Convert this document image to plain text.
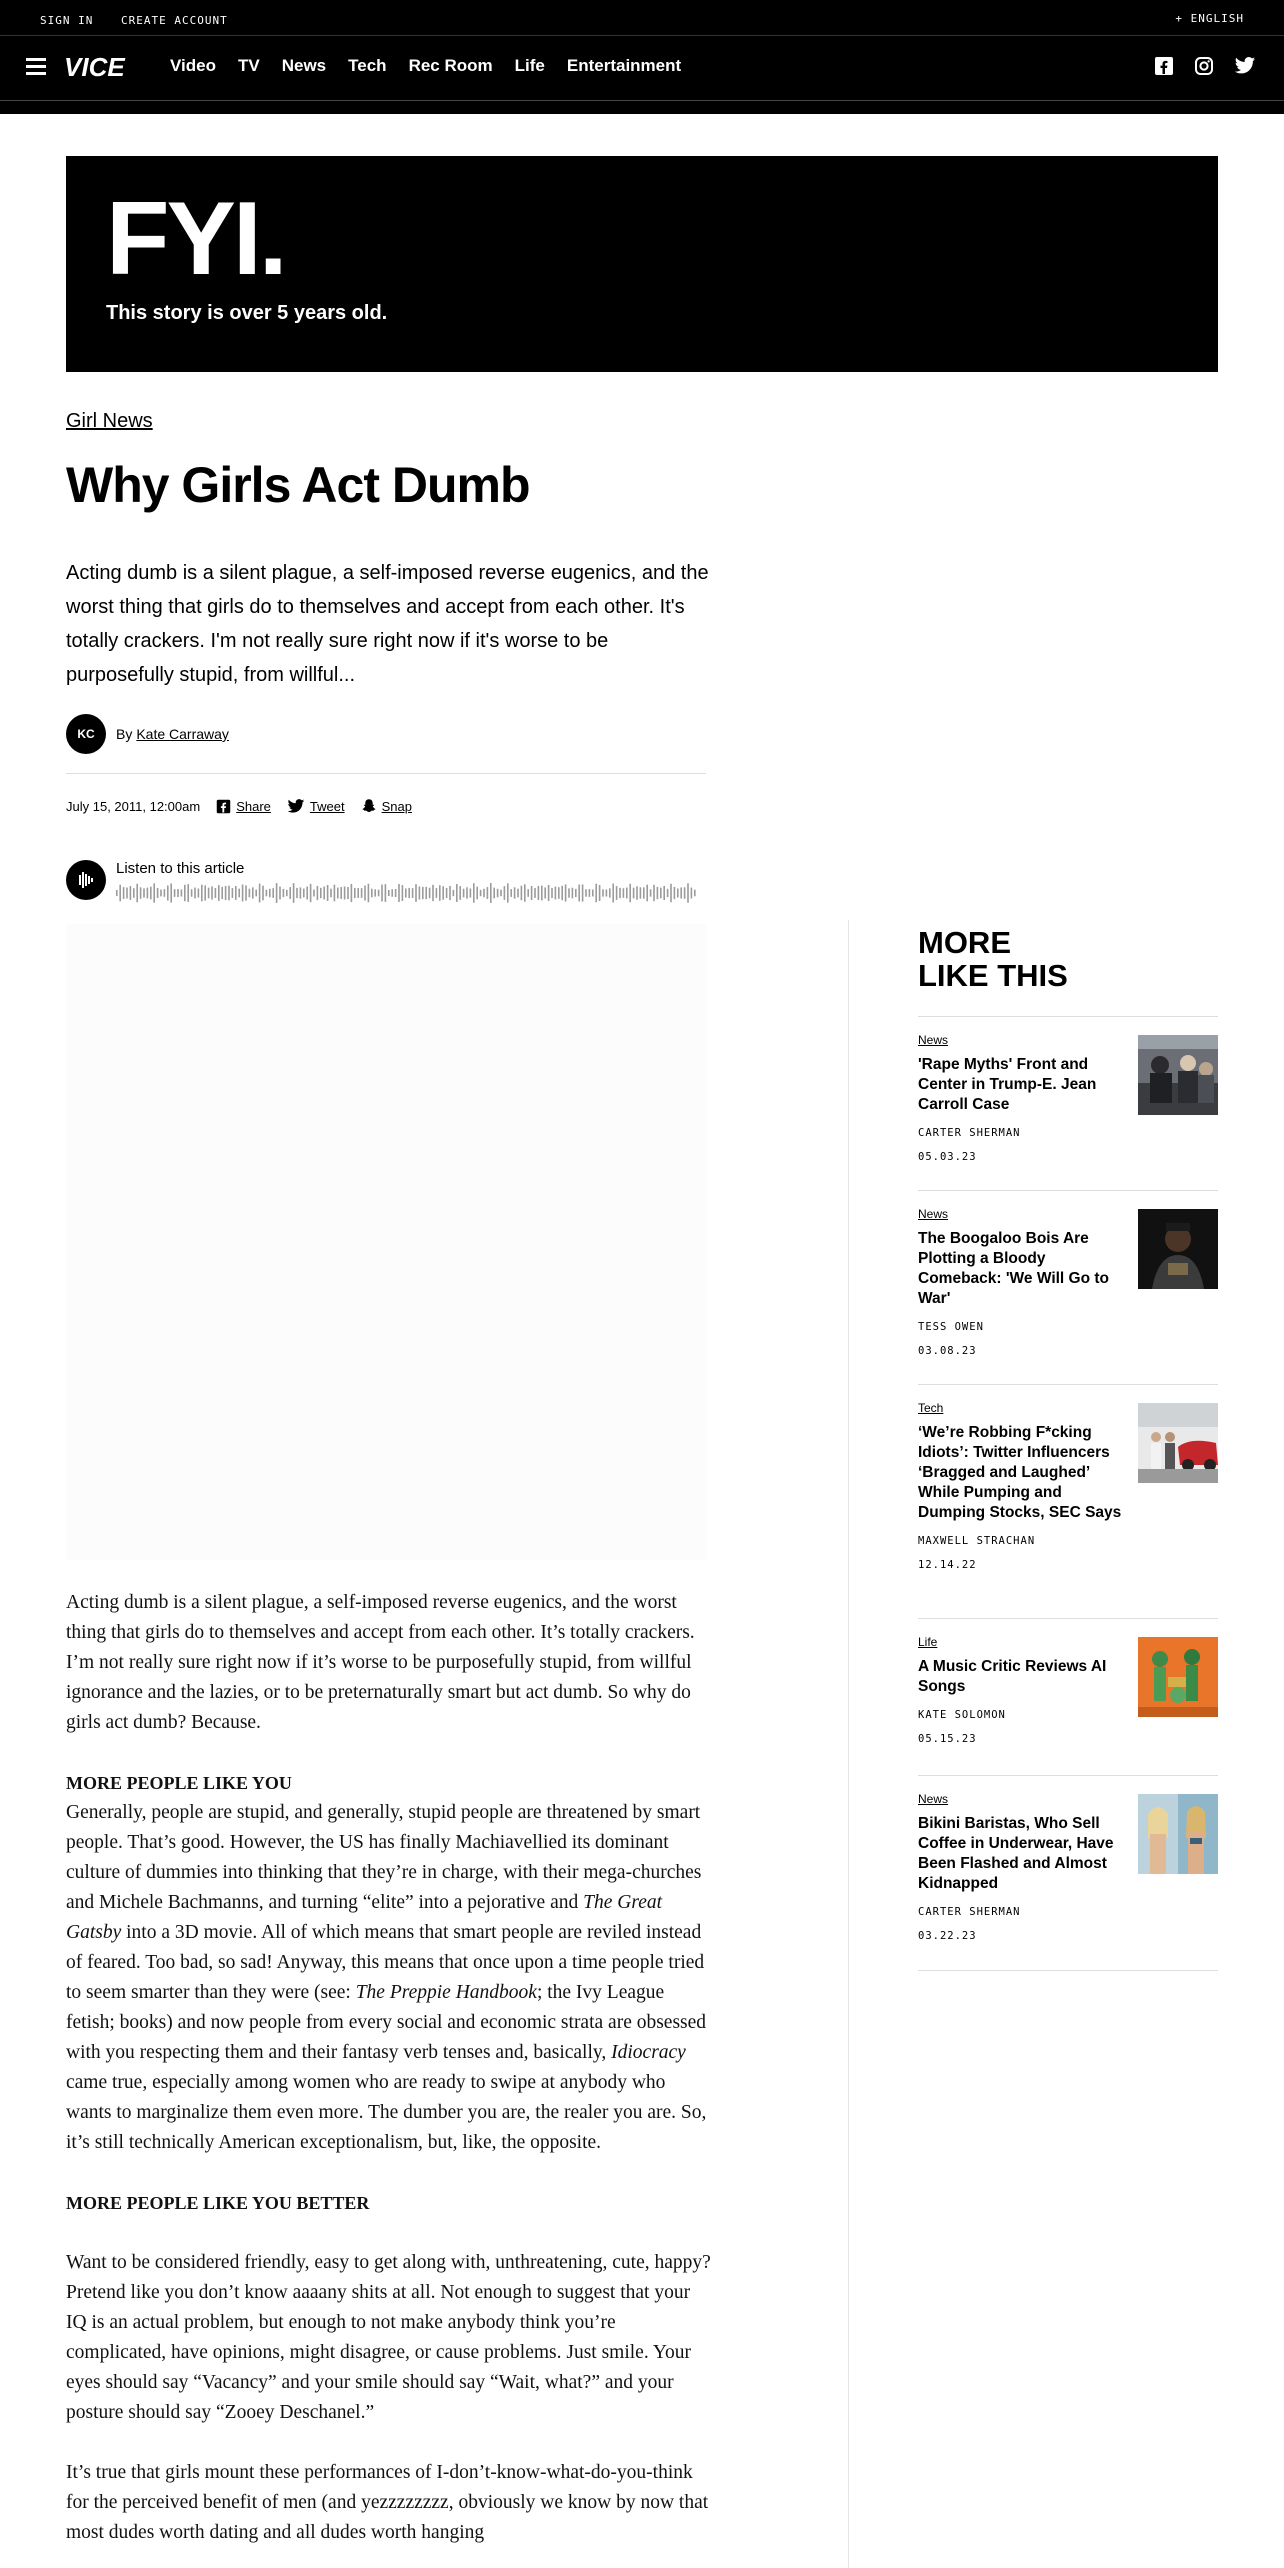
SIGN IN	CREATE ACCOUNT	+ ENGLISH
VICE	Video TV News Tech Rec Room Life Entertainment
FYI.
This story is over 5 years old.
Girl News
Why Girls Act Dumb
Acting dumb is a silent plague, a self-imposed reverse eugenics, and the worst thing that girls do to themselves and accept from each other. It's totally crackers. I'm not really sure right now if it's worse to be purposefully stupid, from willful...
KC	By Kate Carraway
July 15, 2011, 12:00am	Share	Tweet	Snap
Listen to this article

Acting dumb is a silent plague, a self-imposed reverse eugenics, and the worst thing that girls do to themselves and accept from each other. It’s totally crackers. I’m not really sure right now if it’s worse to be purposefully stupid, from willful ignorance and the lazies, or to be preternaturally smart but act dumb. So why do girls act dumb? Because.

MORE PEOPLE LIKE YOU

Generally, people are stupid, and generally, stupid people are threatened by smart people. That’s good. However, the US has finally Machiavellied its dominant culture of dummies into thinking that they’re in charge, with their mega-churches and Michele Bachmanns, and turning “elite” into a pejorative and The Great Gatsby into a 3D movie. All of which means that smart people are reviled instead of feared. Too bad, so sad! Anyway, this means that once upon a time people tried to seem smarter than they were (see: The Preppie Handbook; the Ivy League fetish; books) and now people from every social and economic strata are obsessed with you respecting them and their fantasy verb tenses and, basically, Idiocracy came true, especially among women who are ready to swipe at anybody who wants to marginalize them even more. The dumber you are, the realer you are. So, it’s still technically American exceptionalism, but, like, the opposite.

MORE PEOPLE LIKE YOU BETTER

Want to be considered friendly, easy to get along with, unthreatening, cute, happy? Pretend like you don’t know aaaany shits at all. Not enough to suggest that your IQ is an actual problem, but enough to not make anybody think you’re complicated, have opinions, might disagree, or cause problems. Just smile. Your eyes should say “Vacancy” and your smile should say “Wait, what?” and your posture should say “Zooey Deschanel.”

It’s true that girls mount these performances of I-don’t-know-what-do-you-think for the perceived benefit of men (and yezzzzzzzz, obviously we know by now that most dudes worth dating and all dudes worth hanging

MORE
LIKE THIS
News
'Rape Myths' Front and Center in Trump-E. Jean Carroll Case
CARTER SHERMAN
05.03.23
News
The Boogaloo Bois Are Plotting a Bloody Comeback: 'We Will Go to War'
TESS OWEN
03.08.23
Tech
‘We’re Robbing F*cking Idiots’: Twitter Influencers ‘Bragged and Laughed’ While Pumping and Dumping Stocks, SEC Says
MAXWELL STRACHAN
12.14.22
Life
A Music Critic Reviews AI Songs
KATE SOLOMON
05.15.23
News
Bikini Baristas, Who Sell Coffee in Underwear, Have Been Flashed and Almost Kidnapped
CARTER SHERMAN
03.22.23
